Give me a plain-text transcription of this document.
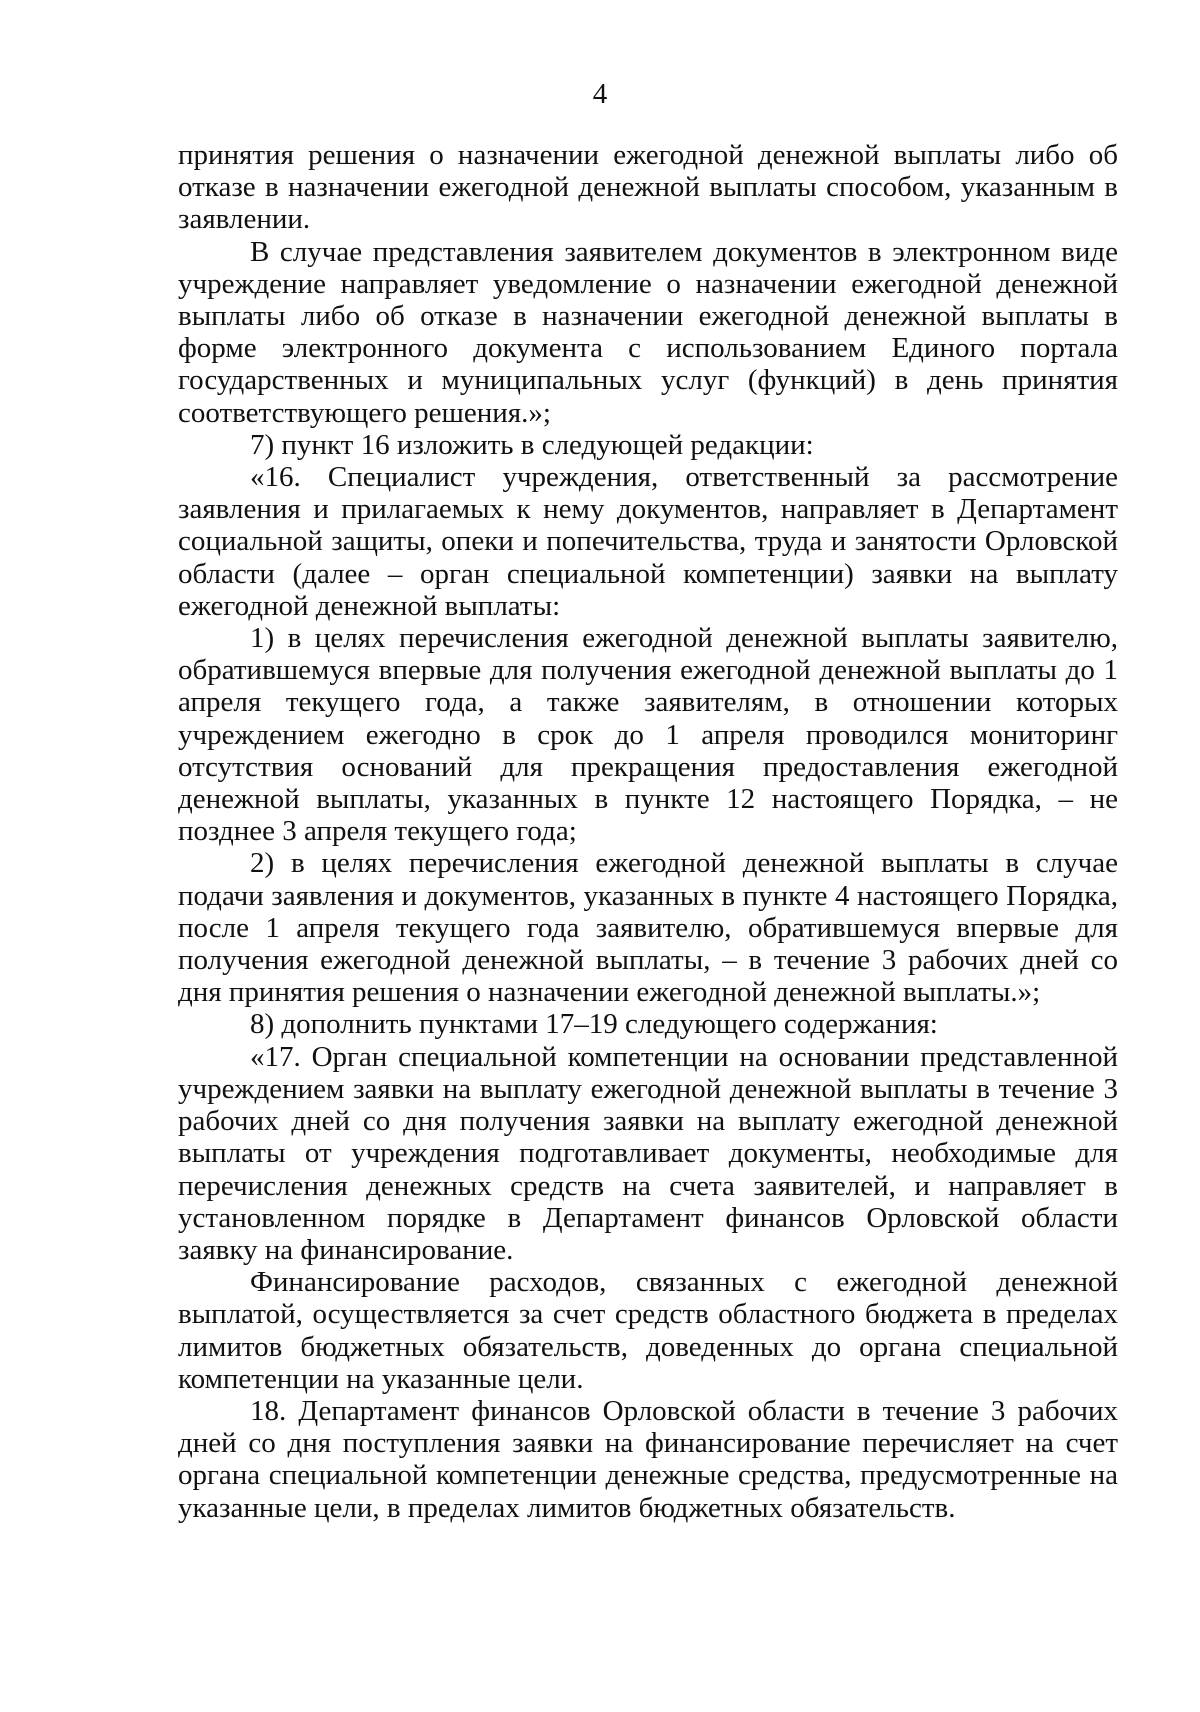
4

принятия решения о назначении ежегодной денежной выплаты либо об отказе в назначении ежегодной денежной выплаты способом, указанным в заявлении.

В случае представления заявителем документов в электронном виде учреждение направляет уведомление о назначении ежегодной денежной выплаты либо об отказе в назначении ежегодной денежной выплаты в форме электронного документа с использованием Единого портала государственных и муниципальных услуг (функций) в день принятия соответствующего решения.»;

7) пункт 16 изложить в следующей редакции:

«16. Специалист учреждения, ответственный за рассмотрение заявления и прилагаемых к нему документов, направляет в Департамент социальной защиты, опеки и попечительства, труда и занятости Орловской области (далее – орган специальной компетенции) заявки на выплату ежегодной денежной выплаты:

1) в целях перечисления ежегодной денежной выплаты заявителю, обратившемуся впервые для получения ежегодной денежной выплаты до 1 апреля текущего года, а также заявителям, в отношении которых учреждением ежегодно в срок до 1 апреля проводился мониторинг отсутствия оснований для прекращения предоставления ежегодной денежной выплаты, указанных в пункте 12 настоящего Порядка, – не позднее 3 апреля текущего года;

2) в целях перечисления ежегодной денежной выплаты в случае подачи заявления и документов, указанных в пункте 4 настоящего Порядка, после 1 апреля текущего года заявителю, обратившемуся впервые для получения ежегодной денежной выплаты, – в течение 3 рабочих дней со дня принятия решения о назначении ежегодной денежной выплаты.»;

8) дополнить пунктами 17–19 следующего содержания:

«17. Орган специальной компетенции на основании представленной учреждением заявки на выплату ежегодной денежной выплаты в течение 3 рабочих дней со дня получения заявки на выплату ежегодной денежной выплаты от учреждения подготавливает документы, необходимые для перечисления денежных средств на счета заявителей, и направляет в установленном порядке в Департамент финансов Орловской области заявку на финансирование.

Финансирование расходов, связанных с ежегодной денежной выплатой, осуществляется за счет средств областного бюджета в пределах лимитов бюджетных обязательств, доведенных до органа специальной компетенции на указанные цели.

18. Департамент финансов Орловской области в течение 3 рабочих дней со дня поступления заявки на финансирование перечисляет на счет органа специальной компетенции денежные средства, предусмотренные на указанные цели, в пределах лимитов бюджетных обязательств.
